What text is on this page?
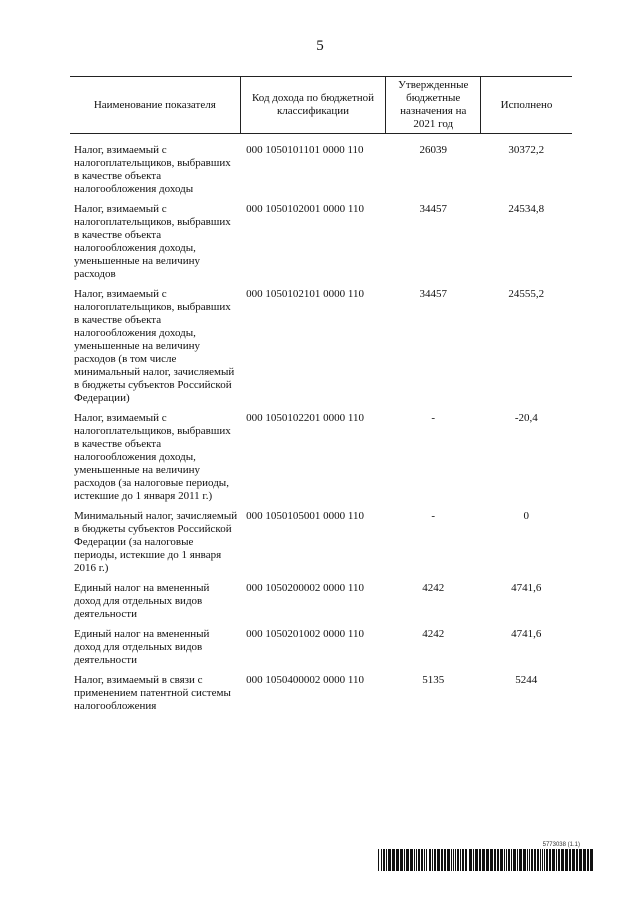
5
Наименование показателя	Код дохода по бюджетной классификации	Утвержденные бюджетные назначения на 2021 год	Исполнено

Налог, взимаемый с налогоплательщиков, выбравших в качестве объекта налогообложения доходы	000 1050101101 0000 110	26039	30372,2
Налог, взимаемый с налогоплательщиков, выбравших в качестве объекта налогообложения доходы, уменьшенные на величину расходов	000 1050102001 0000 110	34457	24534,8
Налог, взимаемый с налогоплательщиков, выбравших в качестве объекта налогообложения доходы, уменьшенные на величину расходов (в том числе минимальный налог, зачисляемый в бюджеты субъектов Российской Федерации)	000 1050102101 0000 110	34457	24555,2
Налог, взимаемый с налогоплательщиков, выбравших в качестве объекта налогообложения доходы, уменьшенные на величину расходов (за налоговые периоды, истекшие до 1 января 2011 г.)	000 1050102201 0000 110	-	-20,4
Минимальный налог, зачисляемый в бюджеты субъектов Российской Федерации (за налоговые периоды, истекшие до 1 января 2016 г.)	000 1050105001 0000 110	-	0
Единый налог на вмененный доход для отдельных видов деятельности	000 1050200002 0000 110	4242	4741,6
Единый налог на вмененный доход для отдельных видов деятельности	000 1050201002 0000 110	4242	4741,6
Налог, взимаемый в связи с применением патентной системы налогообложения	000 1050400002 0000 110	5135	5244
5773038 (1.1)
